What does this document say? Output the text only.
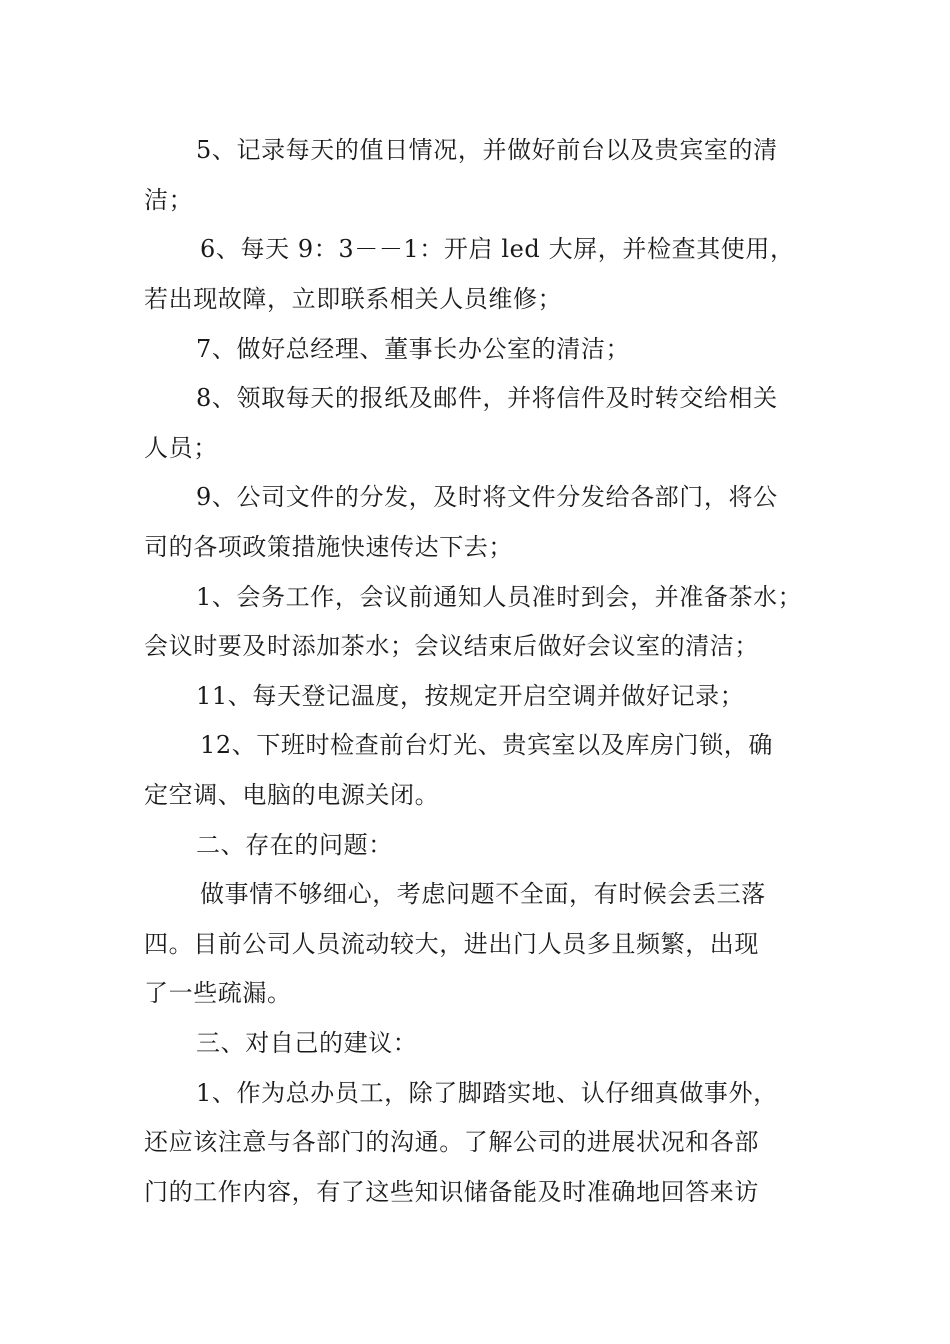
5、记录每天的值日情况，并做好前台以及贵宾室的清

洁；

6、每天 9：3－－1：开启 led 大屏，并检查其使用，

若出现故障，立即联系相关人员维修；

7、做好总经理、董事长办公室的清洁；

8、领取每天的报纸及邮件，并将信件及时转交给相关

人员；

9、公司文件的分发，及时将文件分发给各部门，将公

司的各项政策措施快速传达下去；

1、会务工作，会议前通知人员准时到会，并准备茶水；

会议时要及时添加茶水；会议结束后做好会议室的清洁；

11、每天登记温度，按规定开启空调并做好记录；

12、下班时检查前台灯光、贵宾室以及库房门锁，确

定空调、电脑的电源关闭。

二、存在的问题：

做事情不够细心，考虑问题不全面，有时候会丢三落

四。目前公司人员流动较大，进出门人员多且频繁，出现

了一些疏漏。

三、对自己的建议：

1、作为总办员工，除了脚踏实地、认仔细真做事外，

还应该注意与各部门的沟通。了解公司的进展状况和各部

门的工作内容，有了这些知识储备能及时准确地回答来访
